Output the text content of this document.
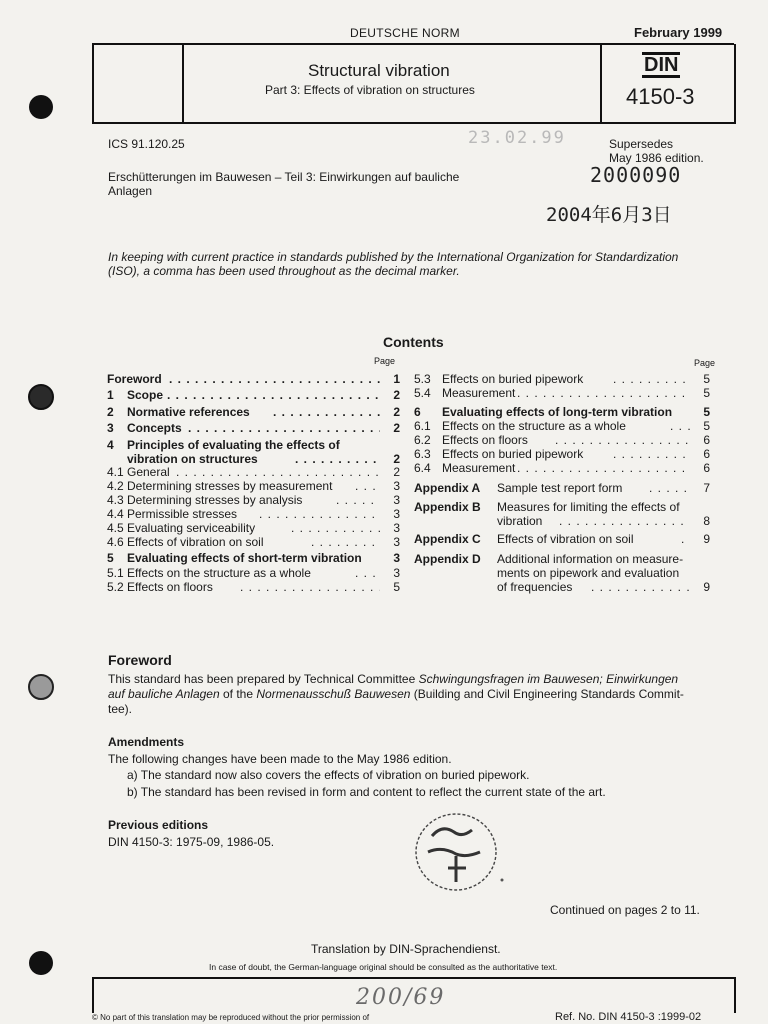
DEUTSCHE NORM	February 1999
Structural vibration
Part 3: Effects of vibration on structures
DIN
4150-3
ICS 91.120.25	23.02.99	Supersedes
May 1986 edition.
Erschütterungen im Bauwesen – Teil 3: Einwirkungen auf bauliche
Anlagen
2000090
2004年6月3日
In keeping with current practice in standards published by the International Organization for Standardization
(ISO), a comma has been used throughout as the decimal marker.
Contents
Page	Page
Foreword . . .	1
1 Scope . . .	2
2 Normative references . . .	2
3 Concepts . . .	2
4 Principles of evaluating the effects of
vibration on structures . . .	2
4.1 General . . .	2
4.2 Determining stresses by measurement . . .	3
4.3 Determining stresses by analysis . . .	3
4.4 Permissible stresses . . .	3
4.5 Evaluating serviceability . . .	3
4.6 Effects of vibration on soil . . .	3
5 Evaluating effects of short-term vibration	3
5.1 Effects on the structure as a whole . . .	3
5.2 Effects on floors . . .	5
5.3 Effects on buried pipework . . .	5
5.4 Measurement . . .	5
6 Evaluating effects of long-term vibration	5
6.1 Effects on the structure as a whole . . .	5
6.2 Effects on floors . . .	6
6.3 Effects on buried pipework . . .	6
6.4 Measurement . . .	6
Appendix A Sample test report form . . .	7
Appendix B Measures for limiting the effects of
vibration . . .	8
Appendix C Effects of vibration on soil . . .	9
Appendix D Additional information on measure-
ments on pipework and evaluation
of frequencies . . .	9
Foreword
This standard has been prepared by Technical Committee Schwingungsfragen im Bauwesen; Einwirkungen
auf bauliche Anlagen of the Normenausschuß Bauwesen (Building and Civil Engineering Standards Commit-
tee).
Amendments
The following changes have been made to the May 1986 edition.
a) The standard now also covers the effects of vibration on buried pipework.
b) The standard has been revised in form and content to reflect the current state of the art.
Previous editions
DIN 4150-3: 1975-09, 1986-05.
Continued on pages 2 to 11.
Translation by DIN-Sprachendienst.
In case of doubt, the German-language original should be consulted as the authoritative text.
200/69
© No part of this translation may be reproduced without the prior permission of	Ref. No. DIN 4150-3 :1999-02
